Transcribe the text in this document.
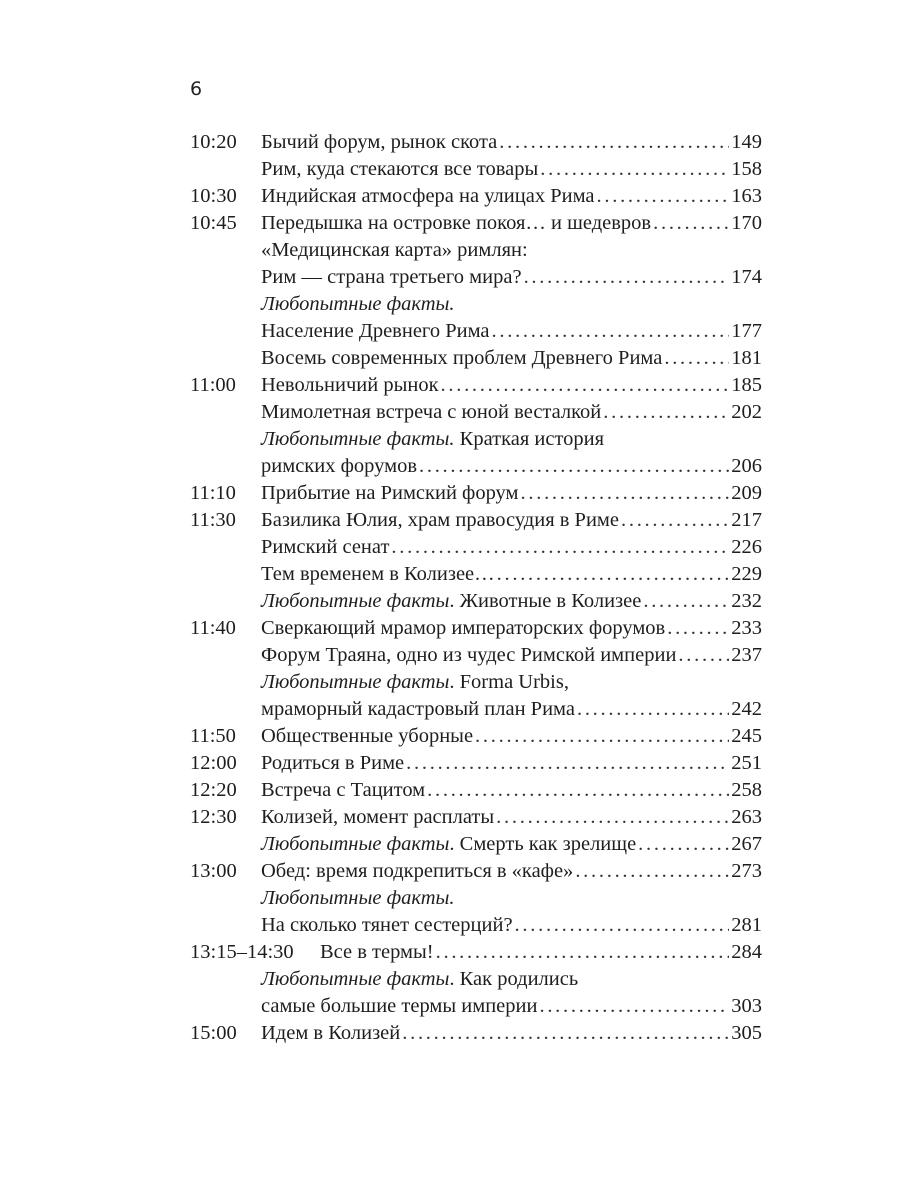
6
10:20 Бычий форум, рынок скота . . .	149
Рим, куда стекаются все товары . . .	158
10:30 Индийская атмосфера на улицах Рима . . .	163
10:45 Передышка на островке покоя… и шедевров . . .	170
«Медицинская карта» римлян:
Рим — страна третьего мира? . . .	174
Любопытные факты.
Население Древнего Рима . . .	177
Восемь современных проблем Древнего Рима . . .	181
11:00 Невольничий рынок . . .	185
Мимолетная встреча с юной весталкой . . .	202
Любопытные факты. Краткая история
римских форумов . . .	206
11:10 Прибытие на Римский форум . . .	209
11:30 Базилика Юлия, храм правосудия в Риме . . .	217
Римский сенат . . .	226
Тем временем в Колизее… . . .	229
Любопытные факты. Животные в Колизее . . .	232
11:40 Сверкающий мрамор императорских форумов . . .	233
Форум Траяна, одно из чудес Римской империи . . .	237
Любопытные факты. Forma Urbis,
мраморный кадастровый план Рима . . .	242
11:50 Общественные уборные . . .	245
12:00 Родиться в Риме . . .	251
12:20 Встреча с Тацитом . . .	258
12:30 Колизей, момент расплаты . . .	263
Любопытные факты. Смерть как зрелище . . .	267
13:00 Обед: время подкрепиться в «кафе» . . .	273
Любопытные факты.
На сколько тянет сестерций? . . .	281
13:15–14:30 Все в термы! . . .	284
Любопытные факты. Как родились
самые большие термы империи . . .	303
15:00 Идем в Колизей . . .	305
